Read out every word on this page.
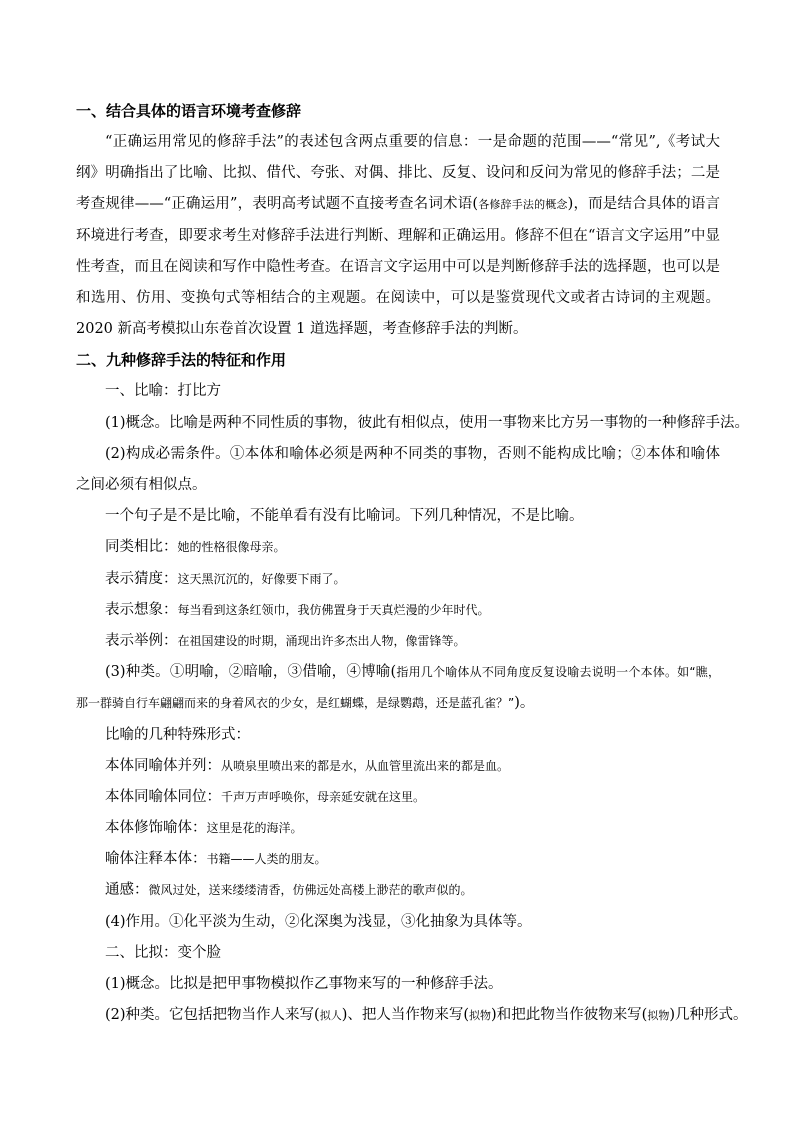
一、结合具体的语言环境考查修辞
“正确运用常见的修辞手法”的表述包含两点重要的信息：一是命题的范围——“常见”,《考试大纲》明确指出了比喻、比拟、借代、夸张、对偶、排比、反复、设问和反问为常见的修辞手法；二是考查规律——“正确运用”，表明高考试题不直接考查名词术语(各修辞手法的概念)，而是结合具体的语言环境进行考查，即要求考生对修辞手法进行判断、理解和正确运用。修辞不但在“语言文字运用”中显性考查，而且在阅读和写作中隐性考查。在语言文字运用中可以是判断修辞手法的选择题，也可以是和选用、仿用、变换句式等相结合的主观题。在阅读中，可以是鉴赏现代文或者古诗词的主观题。2020 新高考模拟山东卷首次设置 1 道选择题，考查修辞手法的判断。
二、九种修辞手法的特征和作用
一、比喻：打比方
(1)概念。比喻是两种不同性质的事物，彼此有相似点，使用一事物来比方另一事物的一种修辞手法。
(2)构成必需条件。①本体和喻体必须是两种不同类的事物，否则不能构成比喻；②本体和喻体之间必须有相似点。
一个句子是不是比喻，不能单看有没有比喻词。下列几种情况，不是比喻。
同类相比：她的性格很像母亲。
表示猜度：这天黑沉沉的，好像要下雨了。
表示想象：每当看到这条红领巾，我仿佛置身于天真烂漫的少年时代。
表示举例：在祖国建设的时期，涌现出许多杰出人物，像雷锋等。
(3)种类。①明喻，②暗喻，③借喻，④博喻(指用几个喻体从不同角度反复设喻去说明一个本体。如“瞧，那一群骑自行车翩翩而来的身着风衣的少女，是红蝴蝶，是绿鹦鹉，还是蓝孔雀？”)。
比喻的几种特殊形式：
本体同喻体并列：从喷泉里喷出来的都是水，从血管里流出来的都是血。
本体同喻体同位：千声万声呼唤你，母亲延安就在这里。
本体修饰喻体：这里是花的海洋。
喻体注释本体：书籍——人类的朋友。
通感：微风过处，送来缕缕清香，仿佛远处高楼上渺茫的歌声似的。
(4)作用。①化平淡为生动，②化深奥为浅显，③化抽象为具体等。
二、比拟：变个脸
(1)概念。比拟是把甲事物模拟作乙事物来写的一种修辞手法。
(2)种类。它包括把物当作人来写(拟人)、把人当作物来写(拟物)和把此物当作彼物来写(拟物)几种形式。
